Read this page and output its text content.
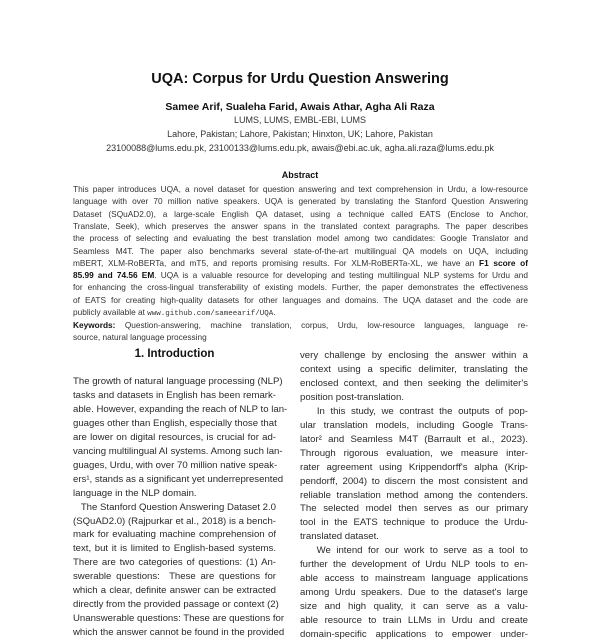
UQA: Corpus for Urdu Question Answering
Samee Arif, Sualeha Farid, Awais Athar, Agha Ali Raza
LUMS, LUMS, EMBL-EBI, LUMS
Lahore, Pakistan; Lahore, Pakistan; Hinxton, UK; Lahore, Pakistan
23100088@lums.edu.pk, 23100133@lums.edu.pk, awais@ebi.ac.uk, agha.ali.raza@lums.edu.pk
Abstract
This paper introduces UQA, a novel dataset for question answering and text comprehension in Urdu, a low-resource
language with over 70 million native speakers. UQA is generated by translating the Stanford Question Answering
Dataset (SQuAD2.0), a large-scale English QA dataset, using a technique called EATS (Enclose to Anchor,
Translate, Seek), which preserves the answer spans in the translated context paragraphs. The paper describes
the process of selecting and evaluating the best translation model among two candidates: Google Translator and
Seamless M4T. The paper also benchmarks several state-of-the-art multilingual QA models on UQA, including
mBERT, XLM-RoBERTa, and mT5, and reports promising results. For XLM-RoBERTa-XL, we have an F1 score of
85.99 and 74.56 EM. UQA is a valuable resource for developing and testing multilingual NLP systems for Urdu and
for enhancing the cross-lingual transferability of existing models. Further, the paper demonstrates the effectiveness
of EATS for creating high-quality datasets for other languages and domains. The UQA dataset and the code are
publicly available at www.github.com/sameearif/UQA.
Keywords: Question-answering, machine translation, corpus, Urdu, low-resource languages, language re-
source, natural language processing
1. Introduction
The growth of natural language processing (NLP)
tasks and datasets in English has been remark-
able. However, expanding the reach of NLP to lan-
guages other than English, especially those that
are lower on digital resources, is crucial for ad-
vancing multilingual AI systems. Among such lan-
guages, Urdu, with over 70 million native speak-
ers¹, stands as a significant yet underrepresented
language in the NLP domain.
The Stanford Question Answering Dataset 2.0
(SQuAD2.0) (Rajpurkar et al., 2018) is a bench-
mark for evaluating machine comprehension of
text, but it is limited to English-based systems.
There are two categories of questions: (1) An-
swerable questions:  These are questions for
which a clear, definite answer can be extracted
directly from the provided passage or context (2)
Unanswerable questions: These are questions for
which the answer cannot be found in the provided
very challenge by enclosing the answer within a
context using a specific delimiter, translating the
enclosed context, and then seeking the delimiter's
position post-translation.
In this study, we contrast the outputs of pop-
ular translation models, including Google Trans-
lator² and Seamless M4T (Barrault et al., 2023).
Through rigorous evaluation, we measure inter-
rater agreement using Krippendorff's alpha (Krip-
pendorff, 2004) to discern the most consistent and
reliable translation method among the contenders.
The selected model then serves as our primary
tool in the EATS technique to produce the Urdu-
translated dataset.
We intend for our work to serve as a tool to
further the development of Urdu NLP tools to en-
able access to mainstream language applications
among Urdu speakers. Due to the dataset's large
size and high quality, it can serve as a valu-
able resource to train LLMs in Urdu and create
domain-specific applications to empower under-
